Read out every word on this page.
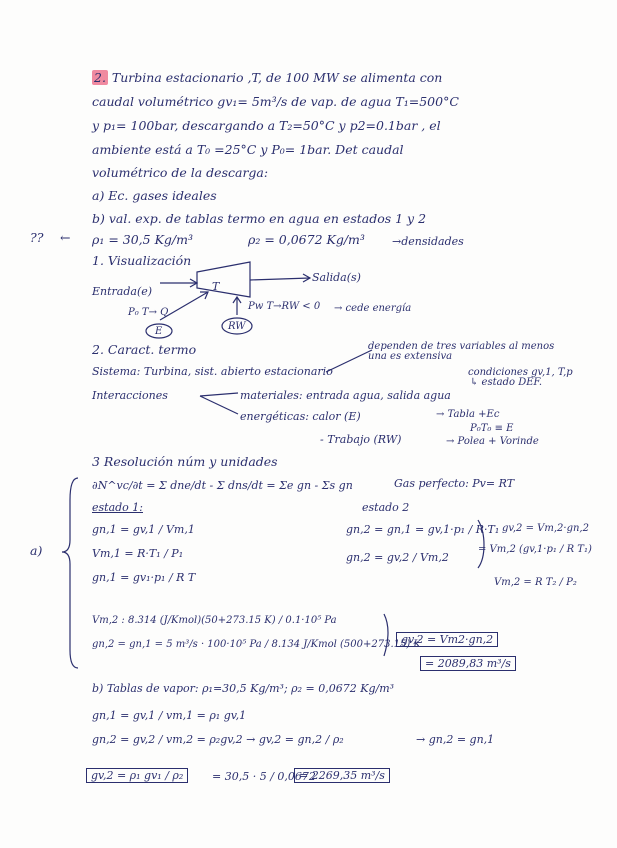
2. Turbina estacionario ,T, de 100 MW se alimenta con
caudal volumétrico gv₁= 5m³/s de vap. de agua T₁=500°C
y p₁= 100bar, descargando a T₂=50°C y p2=0.1bar , el
ambiente está a T₀ =25°C y P₀= 1bar. Det caudal
volumétrico de la descarga:
a) Ec. gases ideales
b) val. exp. de tablas termo en agua en estados 1 y 2
?? ← ρ₁ = 30,5 Kg/m³	ρ₂ = 0,0672 Kg/m³ →densidades
1. Visualización
Entrada(e)
Salida(s)
T
P₀ T→ Q
E	RW
Pw T→RW < 0 → cede energía
2. Caract. termo	dependen de tres variables al menos una es extensiva
condiciones gv,1, T,p
↳ estado DEF.
Sistema: Turbina, sist. abierto estacionario
Interacciones	materiales: entrada agua, salida agua
energéticas: calor (E)	→ Tabla +Ec
P₀T₀ ≡ E
- Trabajo (RW)	→ Polea + Vorinde
3 Resolución núm y unidades
∂N^vc/∂t = Σ dne/dt - Σ dns/dt = Σe gn - Σs gn	Gas perfecto: Pv= RT
estado 1:	estado 2
a)
gn,1 = gv,1 / Vm,1
Vm,1 = R·T₁ / P₁
gn,1 = gv₁·p₁ / R T
gn,2 = gn,1 = gv,1·p₁ / R·T₁
gn,2 = gv,2 / Vm,2
gv,2 = Vm,2·gn,2
= Vm,2 (gv,1·p₁ / R T₁)
Vm,2 = R T₂ / P₂
Vm,2 : 8.314 (J/Kmol)(50+273.15 K) / 0.1·10⁵ Pa
gn,2 = gn,1 = 5 m³/s · 100·10⁵ Pa / 8.134 J/Kmol (500+273.15) K
gv,2 = Vm2·gn,2
= 2089,83 m³/s
b) Tablas de vapor: ρ₁=30,5 Kg/m³; ρ₂ = 0,0672 Kg/m³
gn,1 = gv,1 / vm,1 = ρ₁ gv,1
gn,2 = gv,2 / vm,2 = ρ₂gv,2 → gv,2 = gn,2 / ρ₂	→ gn,2 = gn,1
gv,2 = ρ₁ gv₁ / ρ₂	= 30,5 · 5 / 0,0672
= 2269,35 m³/s
